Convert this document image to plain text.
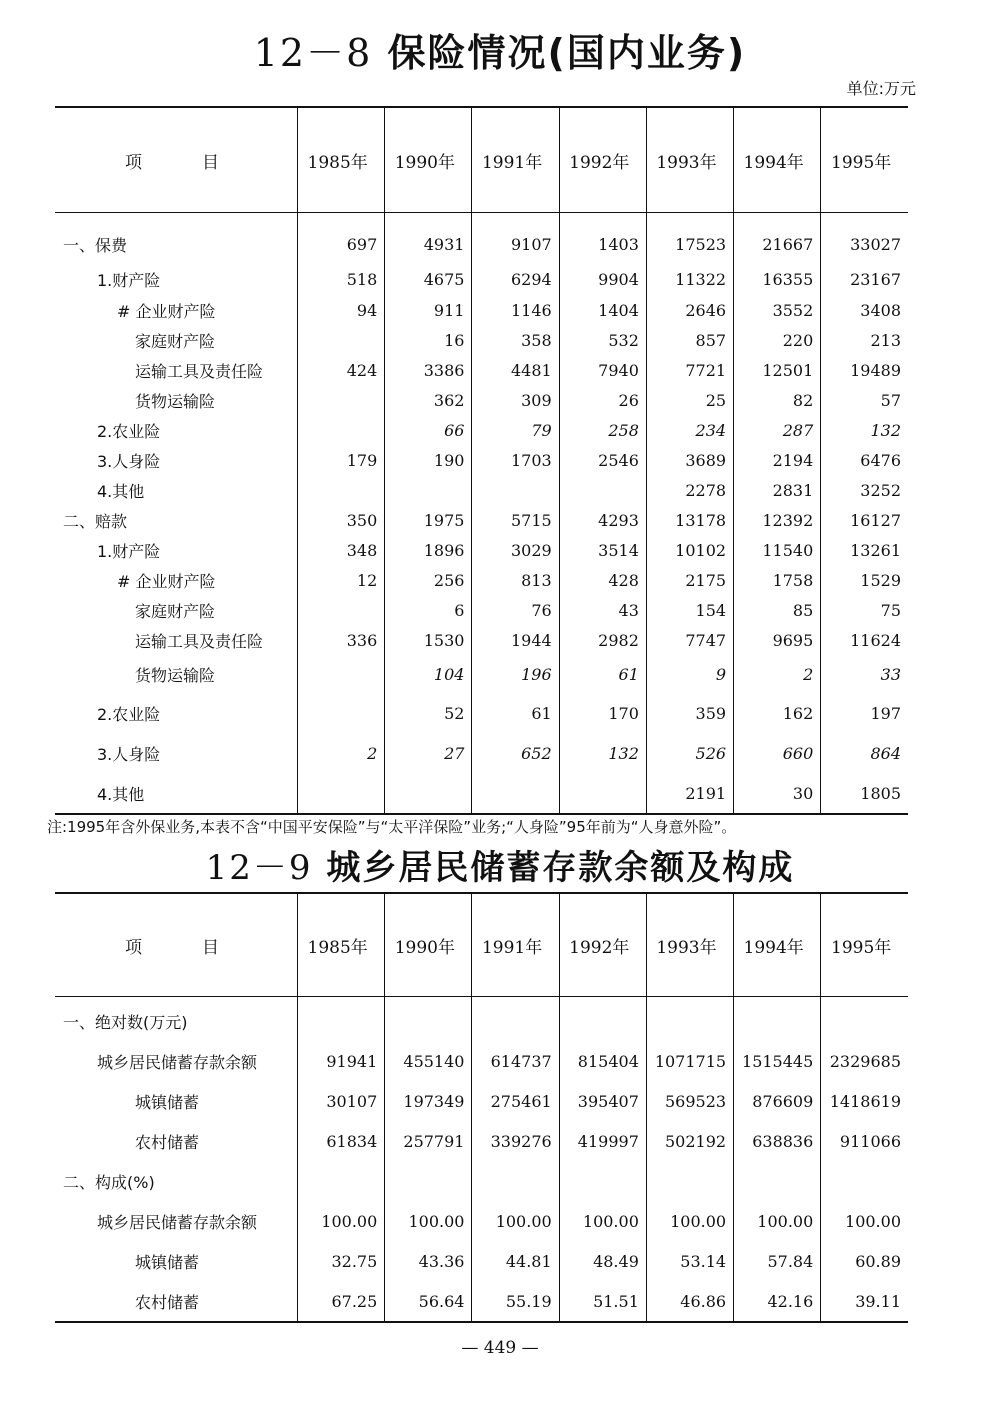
12－8 保险情况(国内业务)
单位:万元
项 目	1985年	1990年	1991年	1992年	1993年	1994年	1995年

一、保费	697	4931	9107	1403	17523	21667	33027
1.财产险	518	4675	6294	9904	11322	16355	23167
# 企业财产险	94	911	1146	1404	2646	3552	3408
家庭财产险		16	358	532	857	220	213
运输工具及责任险	424	3386	4481	7940	7721	12501	19489
货物运输险		362	309	26	25	82	57
2.农业险		66	79	258	234	287	132
3.人身险	179	190	1703	2546	3689	2194	6476
4.其他					2278	2831	3252
二、赔款	350	1975	5715	4293	13178	12392	16127
1.财产险	348	1896	3029	3514	10102	11540	13261
# 企业财产险	12	256	813	428	2175	1758	1529
家庭财产险		6	76	43	154	85	75
运输工具及责任险	336	1530	1944	2982	7747	9695	11624
货物运输险		104	196	61	9	2	33
2.农业险		52	61	170	359	162	197
3.人身险	2	27	652	132	526	660	864
4.其他					2191	30	1805
注:1995年含外保业务,本表不含“中国平安保险”与“太平洋保险”业务;“人身险”95年前为“人身意外险”。
12－9 城乡居民储蓄存款余额及构成
项 目	1985年	1990年	1991年	1992年	1993年	1994年	1995年

一、绝对数(万元)							
城乡居民储蓄存款余额	91941	455140	614737	815404	1071715	1515445	2329685
城镇储蓄	30107	197349	275461	395407	569523	876609	1418619
农村储蓄	61834	257791	339276	419997	502192	638836	911066
二、构成(%)							
城乡居民储蓄存款余额	100.00	100.00	100.00	100.00	100.00	100.00	100.00
城镇储蓄	32.75	43.36	44.81	48.49	53.14	57.84	60.89
农村储蓄	67.25	56.64	55.19	51.51	46.86	42.16	39.11
— 449 —
